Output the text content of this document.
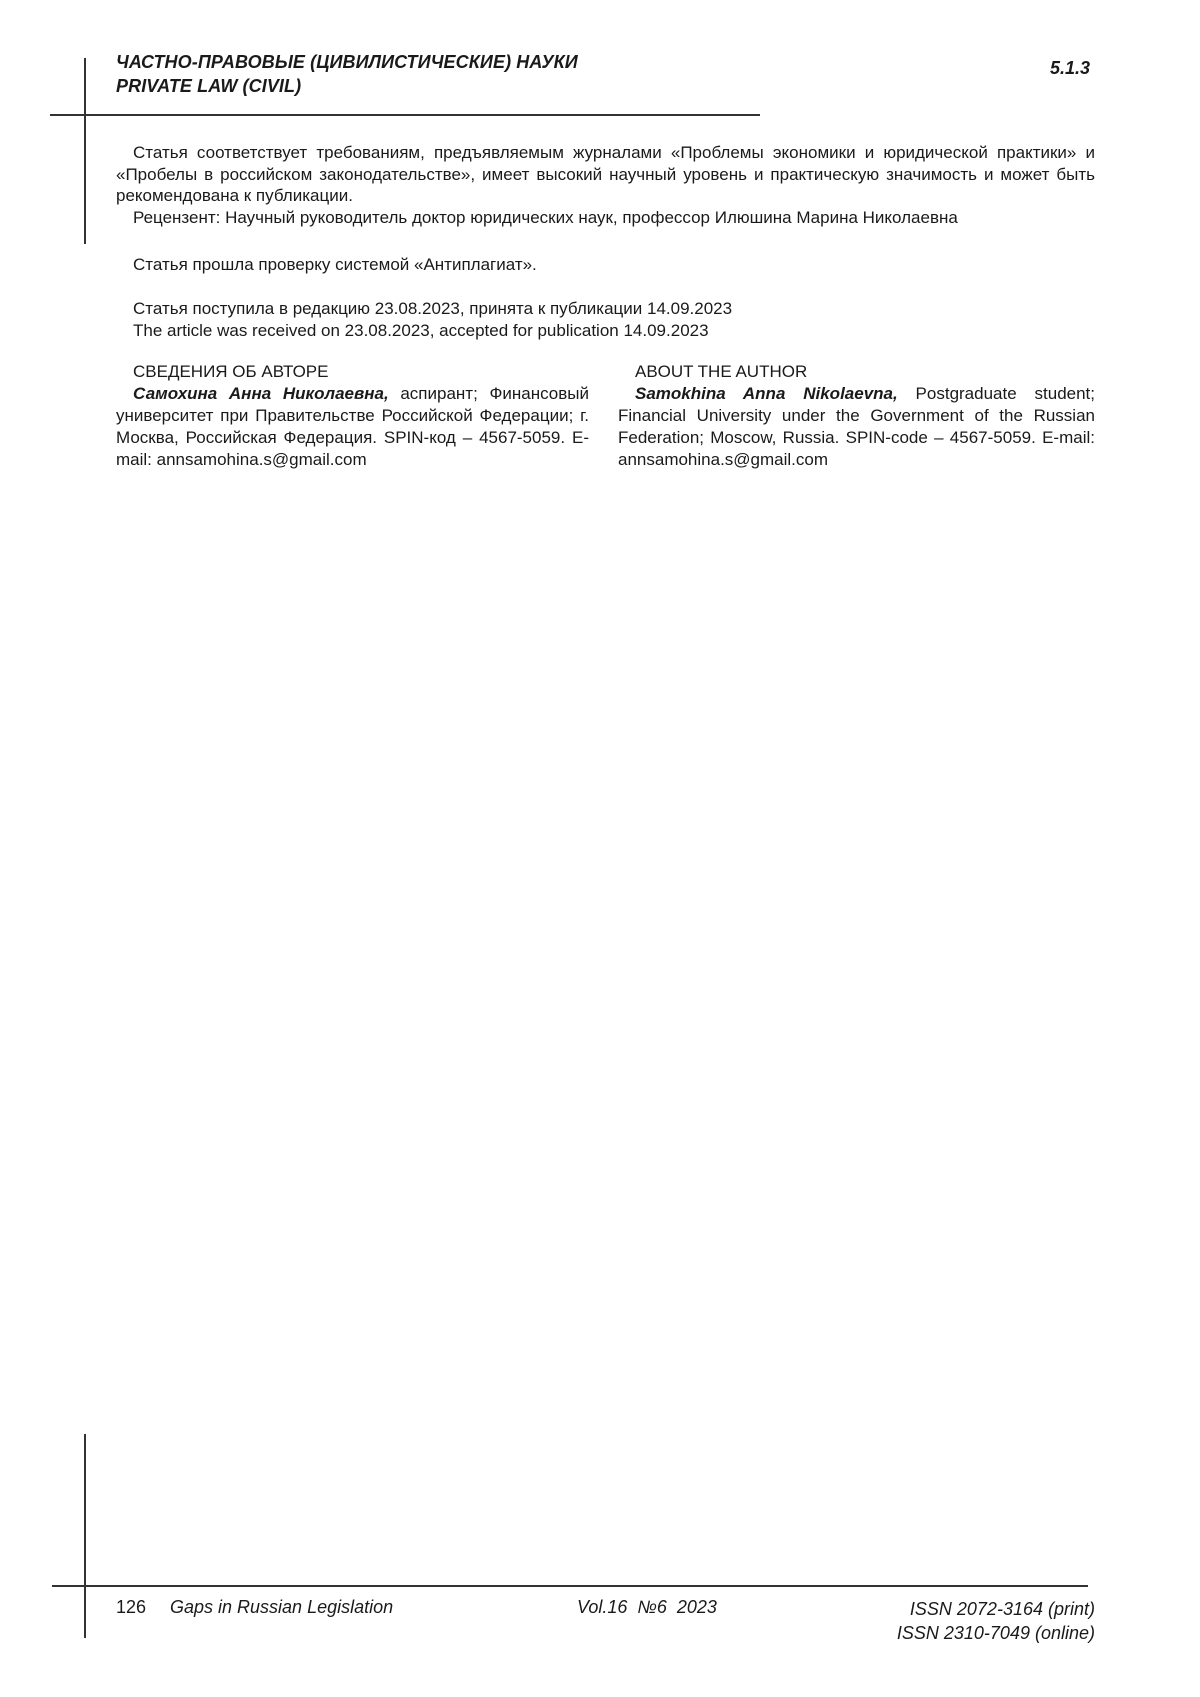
ЧАСТНО-ПРАВОВЫЕ (ЦИВИЛИСТИЧЕСКИЕ) НАУКИ
PRIVATE LAW (CIVIL)
5.1.3

Статья соответствует требованиям, предъявляемым журналами «Проблемы экономики и юридической практики» и «Пробелы в российском законодательстве», имеет высокий научный уровень и практическую значимость и может быть рекомендована к публикации.

Рецензент: Научный руководитель доктор юридических наук, профессор Илюшина Марина Николаевна

Статья прошла проверку системой «Антиплагиат».

Статья поступила в редакцию 23.08.2023, принята к публикации 14.09.2023

The article was received on 23.08.2023, accepted for publication 14.09.2023

СВЕДЕНИЯ ОБ АВТОРЕ

Самохина Анна Николаевна, аспирант; Финансовый университет при Правительстве Российской Федерации; г. Москва, Российская Федерация. SPIN-код – 4567-5059. E-mail: annsamohina.s@gmail.com

ABOUT THE AUTHOR

Samokhina Anna Nikolaevna, Postgraduate student; Financial University under the Government of the Russian Federation; Moscow, Russia. SPIN-code – 4567-5059. E-mail: annsamohina.s@gmail.com

126 Gaps in Russian Legislation	Vol.16  №6  2023	ISSN 2072-3164 (print)
ISSN 2310-7049 (online)
